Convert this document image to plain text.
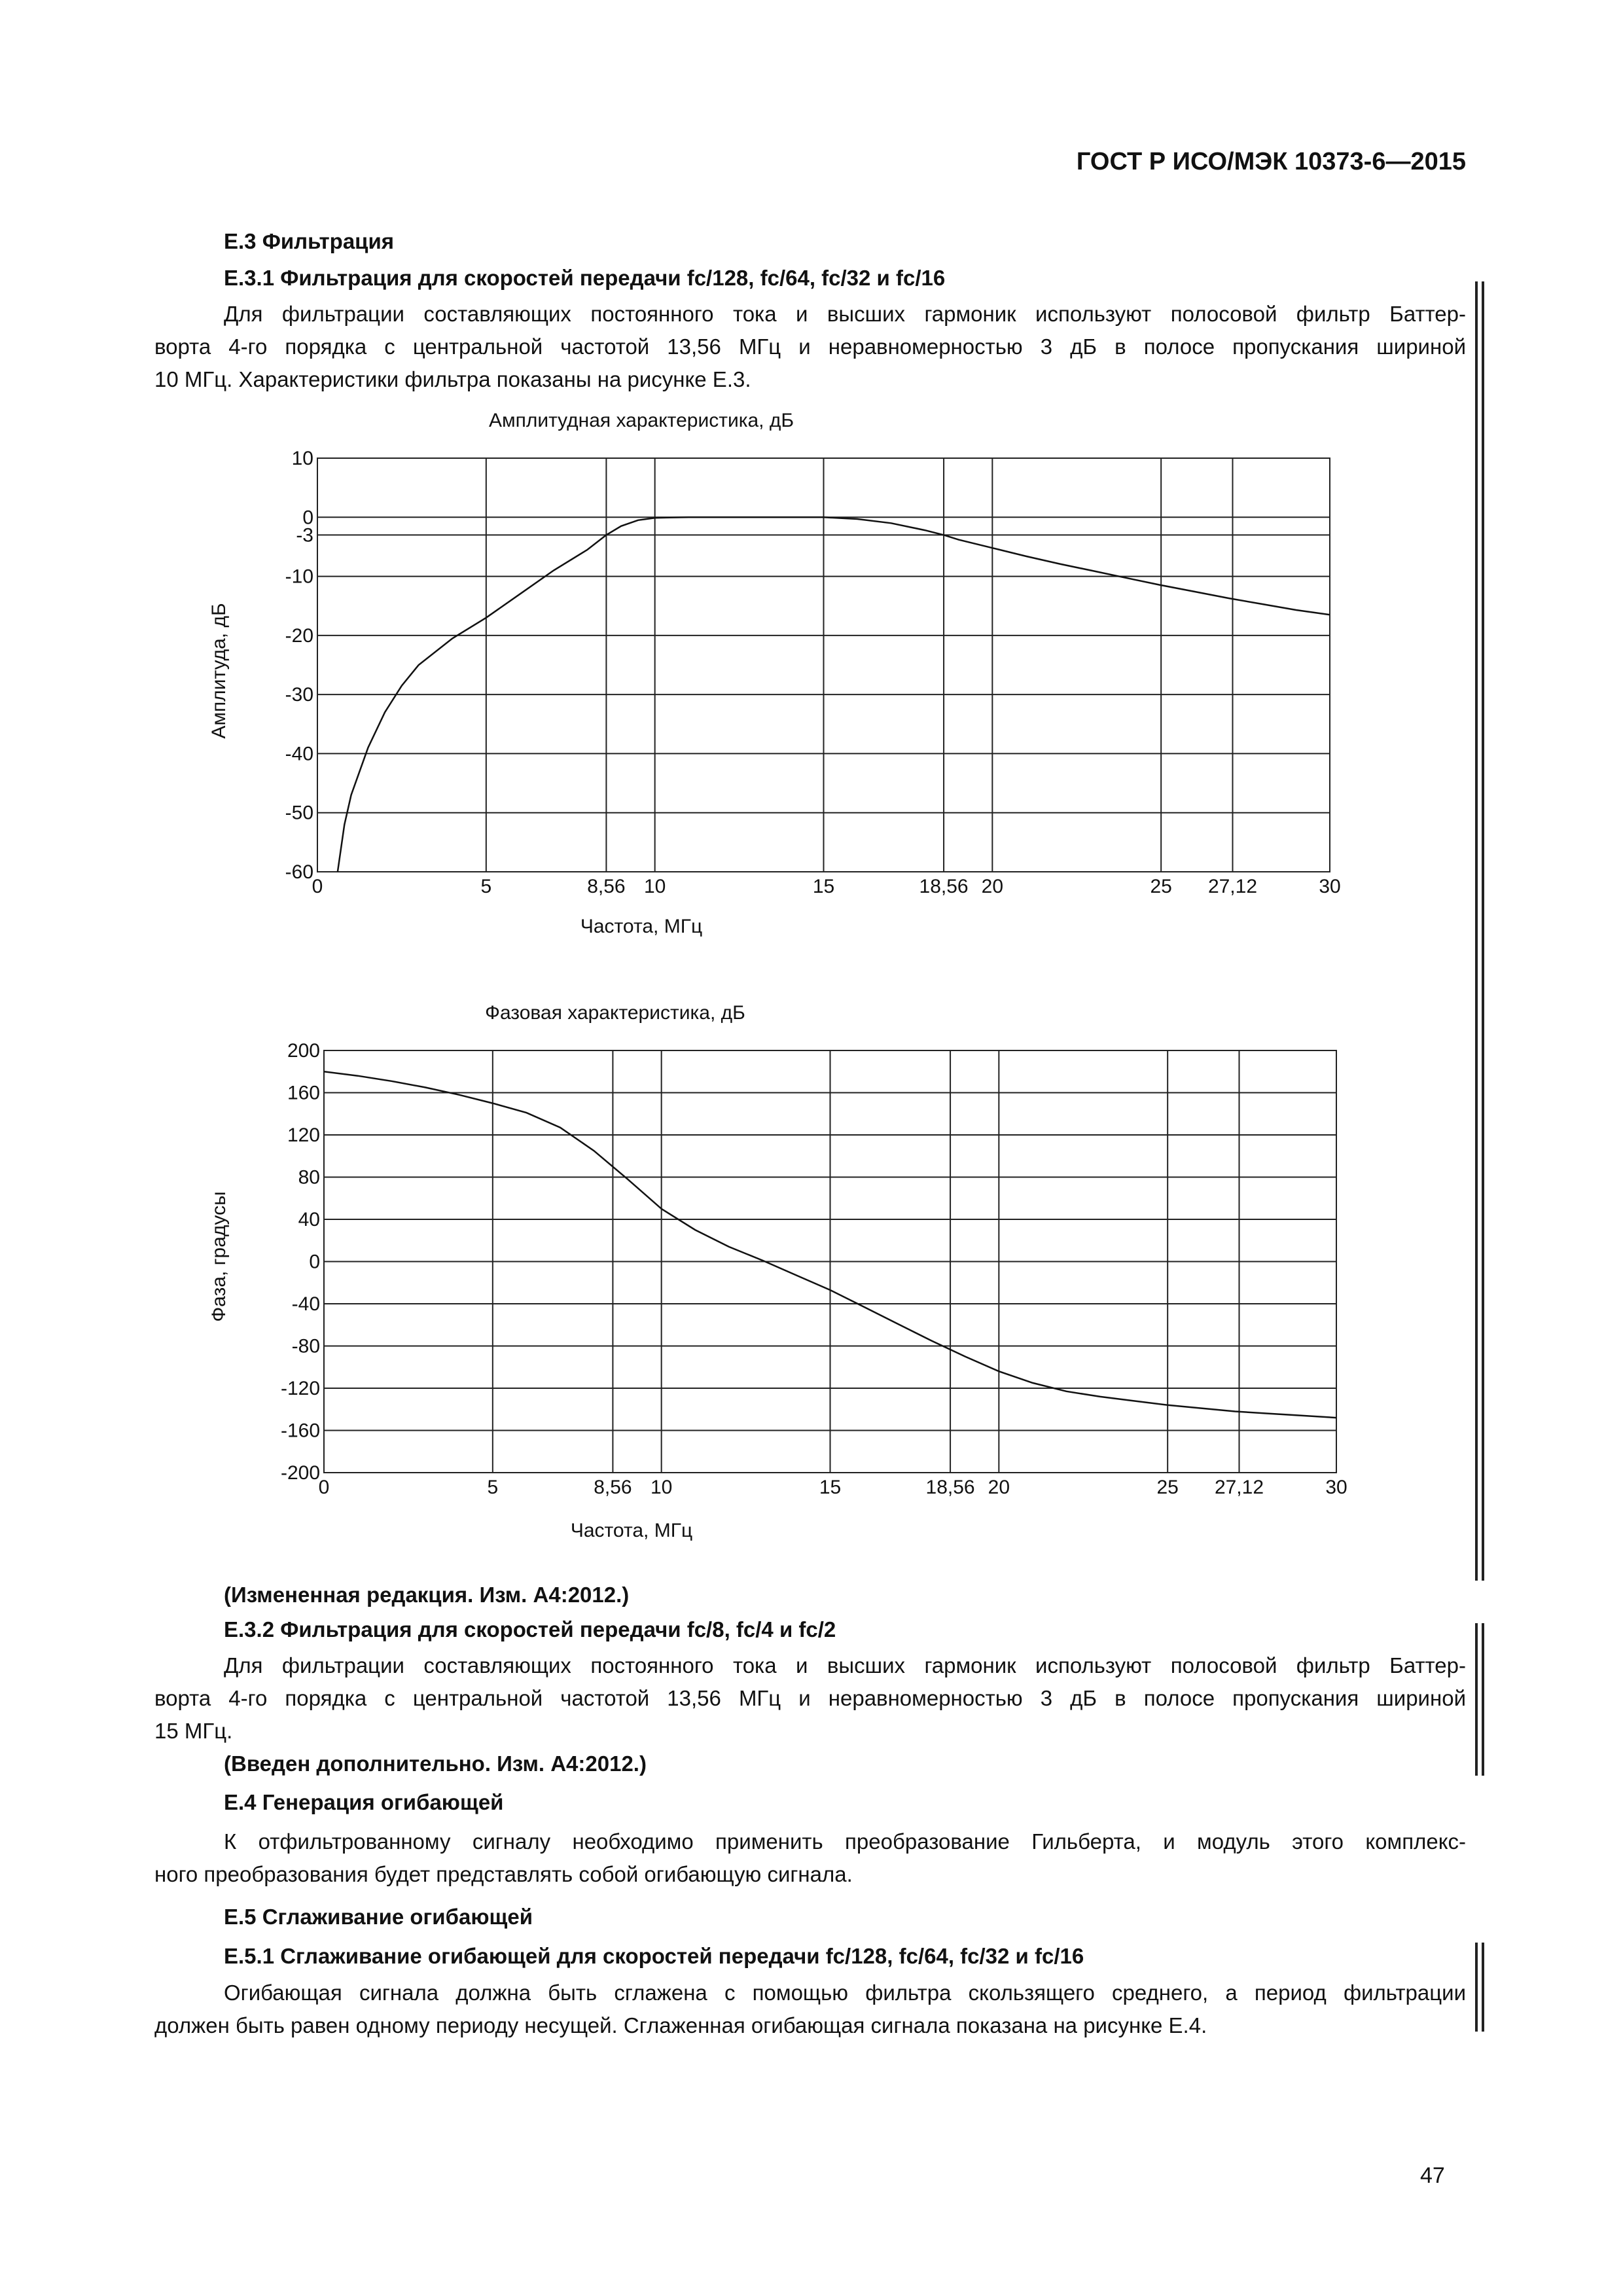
ГОСТ Р ИСО/МЭК 10373-6—2015
Е.3 Фильтрация
Е.3.1 Фильтрация для скоростей передачи fc/128, fc/64, fc/32 и fc/16
Для фильтрации составляющих постоянного тока и высших гармоник используют полосовой фильтр Баттер-
ворта 4-го порядка с центральной частотой 13,56 МГц и неравномерностью 3 дБ в полосе пропускания шириной
10 МГц. Характеристики фильтра показаны на рисунке Е.3.
Амплитудная характеристика, дБ
Амплитуда, дБ
Частота, МГц
0	5	8,56 10	15	18,56 20	25 27,12	30
10
0
-3
-10
-20
-30
-40
-50
-60
Фазовая характеристика, дБ
Фаза, градусы
Частота, МГц
0	5	8,56 10	15	18,56 20	25 27,12	30
200
160
120
80
40
0
-40
-80
-120
-160
-200
(Измененная редакция. Изм. А4:2012.)
Е.3.2 Фильтрация для скоростей передачи fc/8, fc/4 и fc/2
Для фильтрации составляющих постоянного тока и высших гармоник используют полосовой фильтр Баттер-
ворта 4-го порядка с центральной частотой 13,56 МГц и неравномерностью 3 дБ в полосе пропускания шириной
15 МГц.
(Введен дополнительно. Изм. А4:2012.)
Е.4 Генерация огибающей
К отфильтрованному сигналу необходимо применить преобразование Гильберта, и модуль этого комплекс-
ного преобразования будет представлять собой огибающую сигнала.
Е.5 Сглаживание огибающей
Е.5.1 Сглаживание огибающей для скоростей передачи fc/128, fc/64, fc/32 и fc/16
Огибающая сигнала должна быть сглажена с помощью фильтра скользящего среднего, а период фильтрации
должен быть равен одному периоду несущей. Сглаженная огибающая сигнала показана на рисунке Е.4.
47
